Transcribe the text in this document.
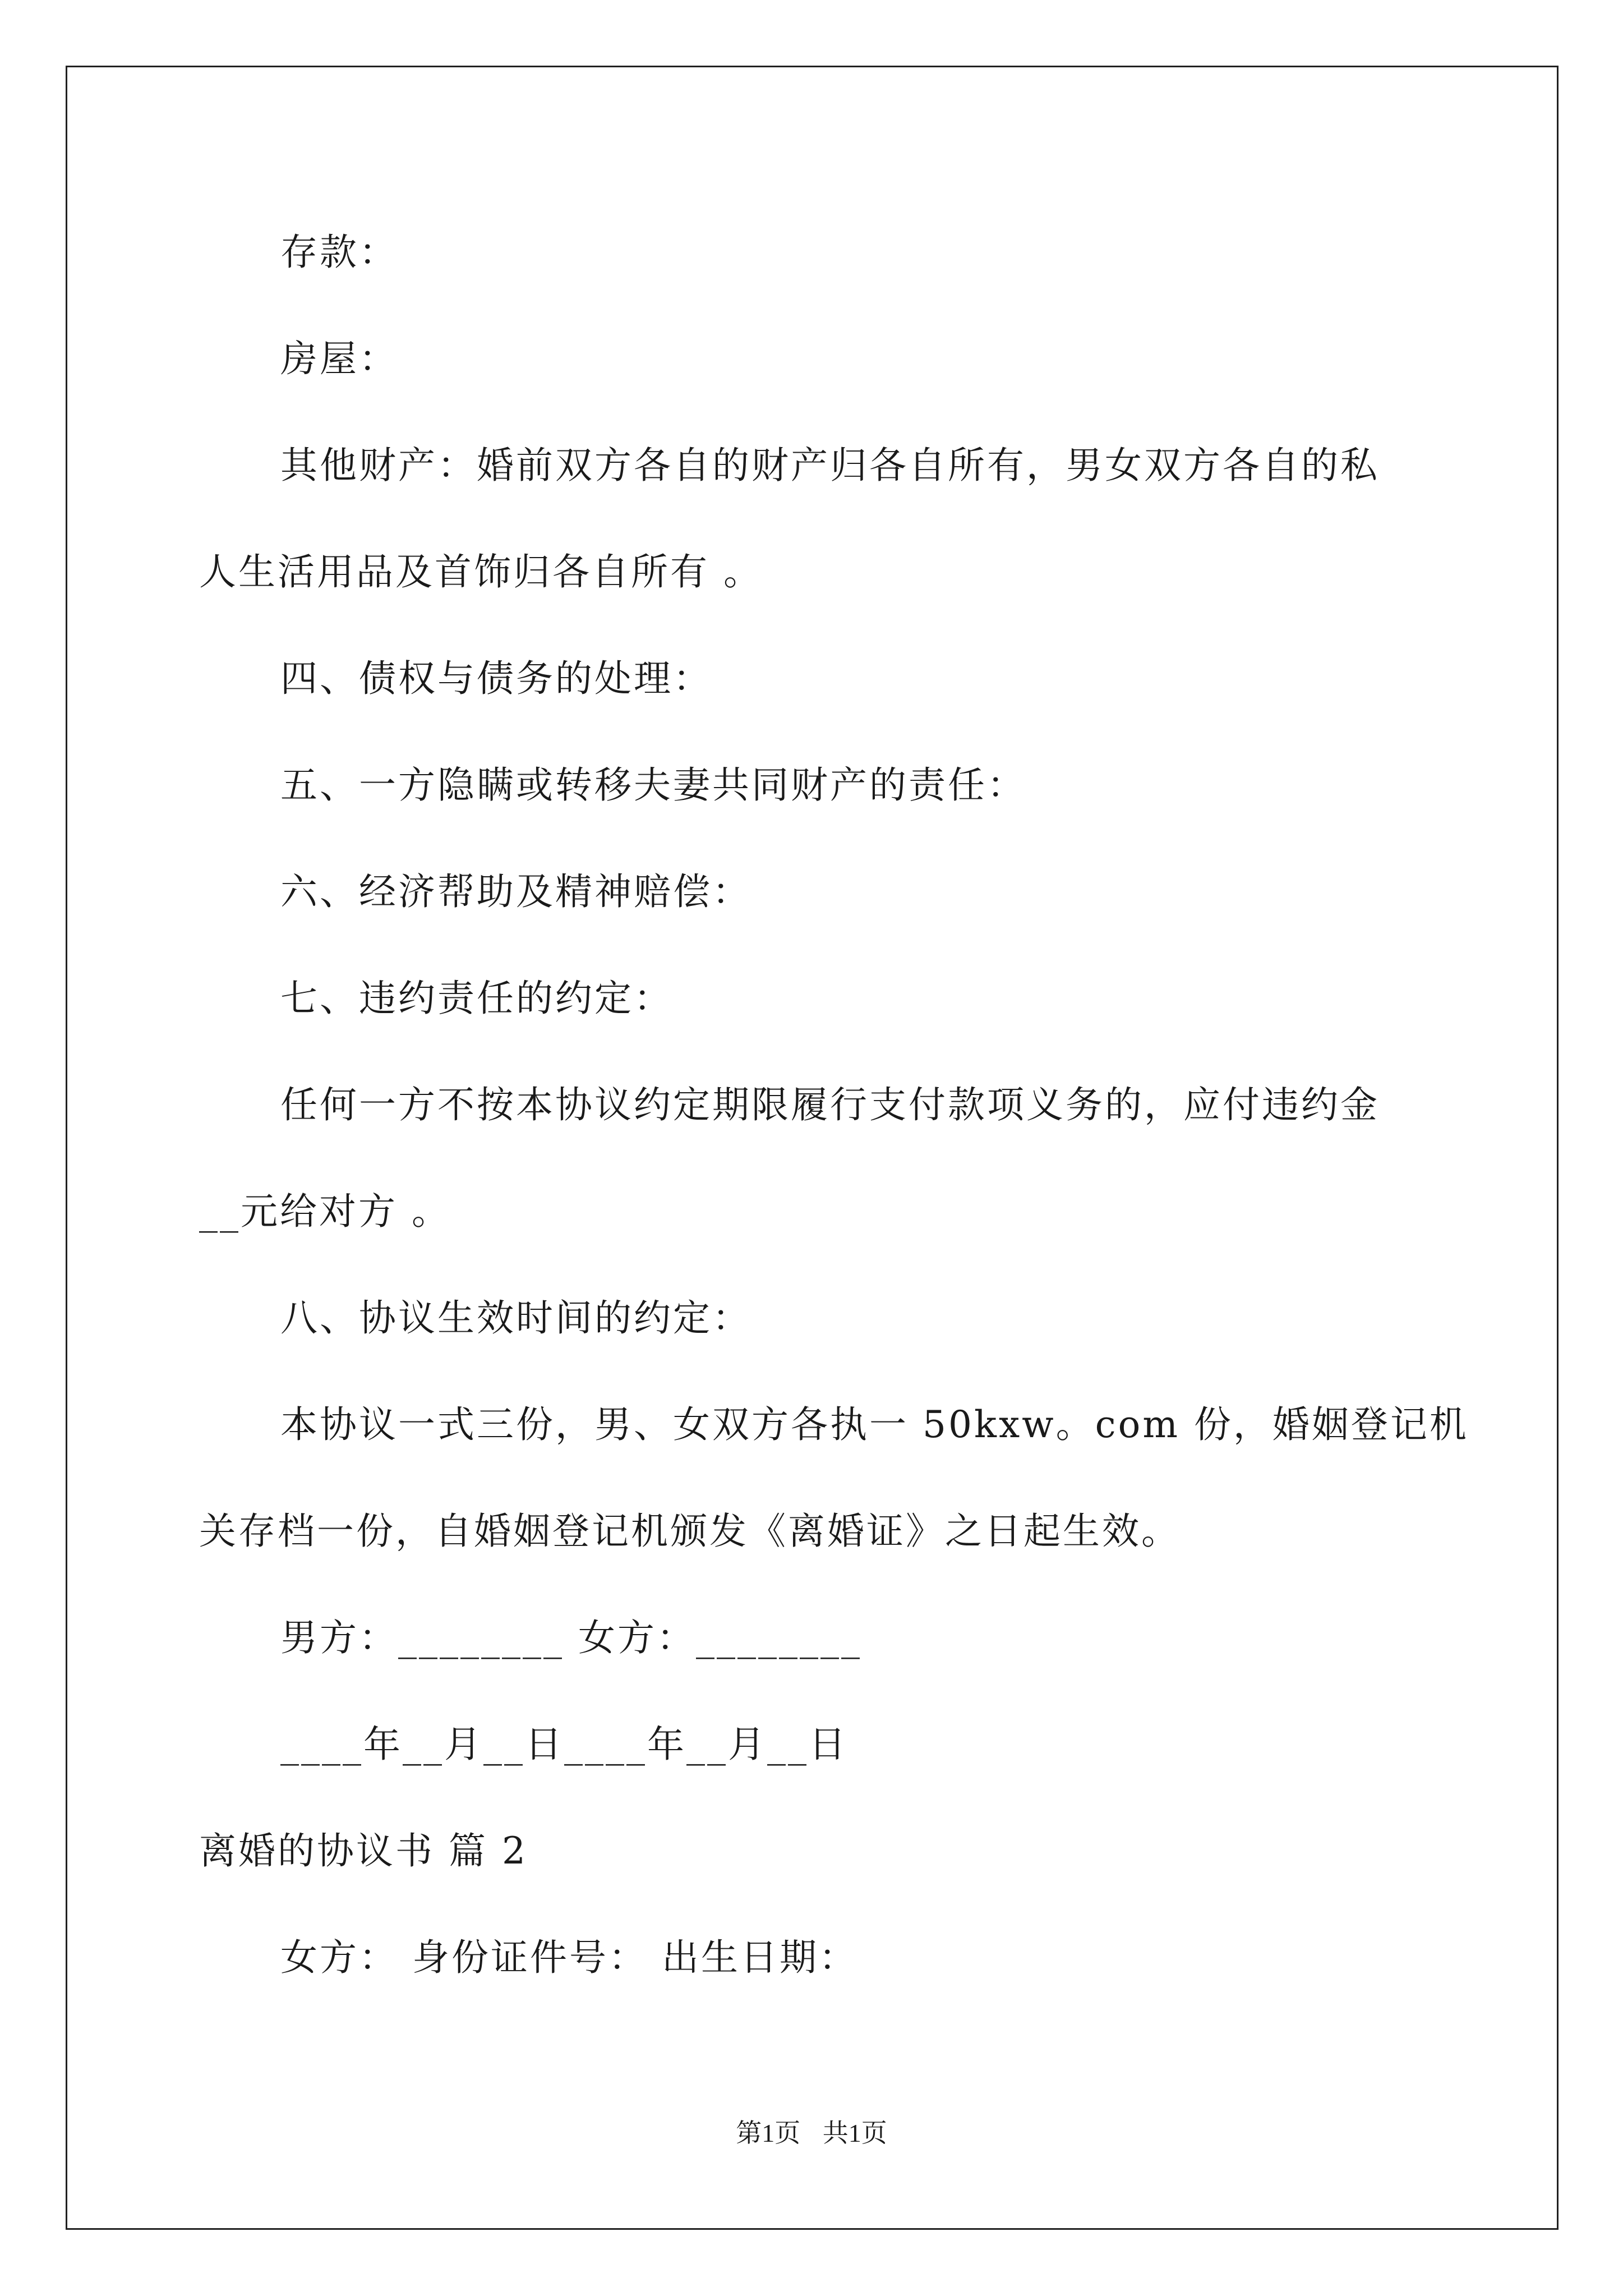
存款：
房屋：
其他财产：婚前双方各自的财产归各自所有，男女双方各自的私
人生活用品及首饰归各自所有 。
四、债权与债务的处理：
五、一方隐瞒或转移夫妻共同财产的责任：
六、经济帮助及精神赔偿：
七、违约责任的约定：
任何一方不按本协议约定期限履行支付款项义务的，应付违约金
__元给对方 。
八、协议生效时间的约定：
本协议一式三份，男、女双方各执一 50kxw。com 份，婚姻登记机
关存档一份，自婚姻登记机颁发《离婚证》之日起生效。
男方：________ 女方：________
____年__月__日____年__月__日
离婚的协议书 篇 2
女方： 身份证件号： 出生日期：
第1页 共1页
